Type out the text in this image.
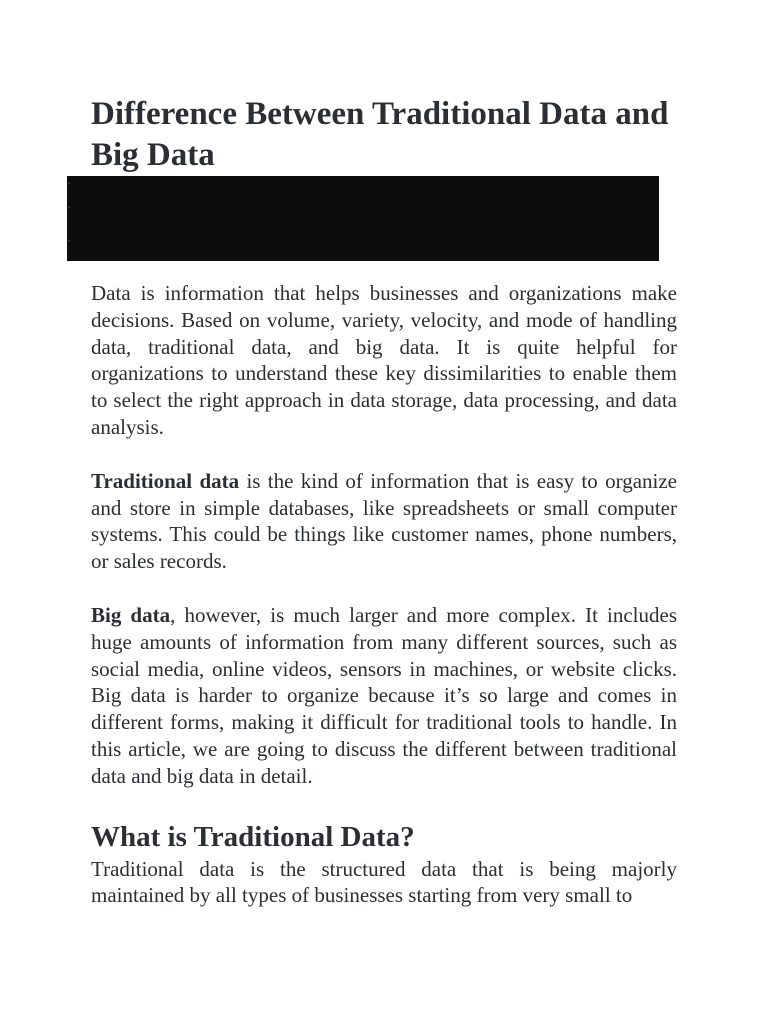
Difference Between Traditional Data and Big Data

Data is information that helps businesses and organizations make decisions. Based on volume, variety, velocity, and mode of handling data, traditional data, and big data. It is quite helpful for organizations to understand these key dissimilarities to enable them to select the right approach in data storage, data processing, and data analysis.

Traditional data is the kind of information that is easy to organize and store in simple databases, like spreadsheets or small computer systems. This could be things like customer names, phone numbers, or sales records.

Big data, however, is much larger and more complex. It includes huge amounts of information from many different sources, such as social media, online videos, sensors in machines, or website clicks. Big data is harder to organize because it’s so large and comes in different forms, making it difficult for traditional tools to handle. In this article, we are going to discuss the different between traditional data and big data in detail.

What is Traditional Data?

Traditional data is the structured data that is being majorly maintained by all types of businesses starting from very small to
